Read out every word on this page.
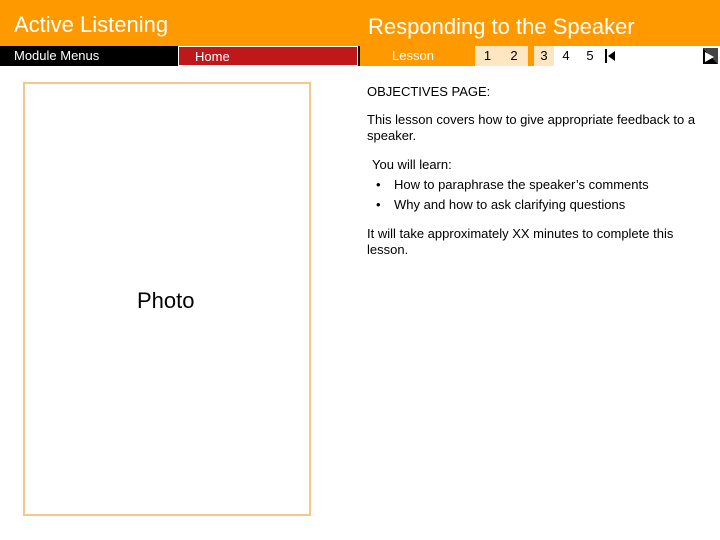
Active Listening	Responding to the Speaker
Module Menus	Home	Lesson	1	2	3	4	5	12
Photo
OBJECTIVES PAGE:
This lesson covers how to give appropriate feedback to a speaker.
You will learn:
• How to paraphrase the speaker’s comments
• Why and how to ask clarifying questions
It will take approximately XX minutes to complete this lesson.
